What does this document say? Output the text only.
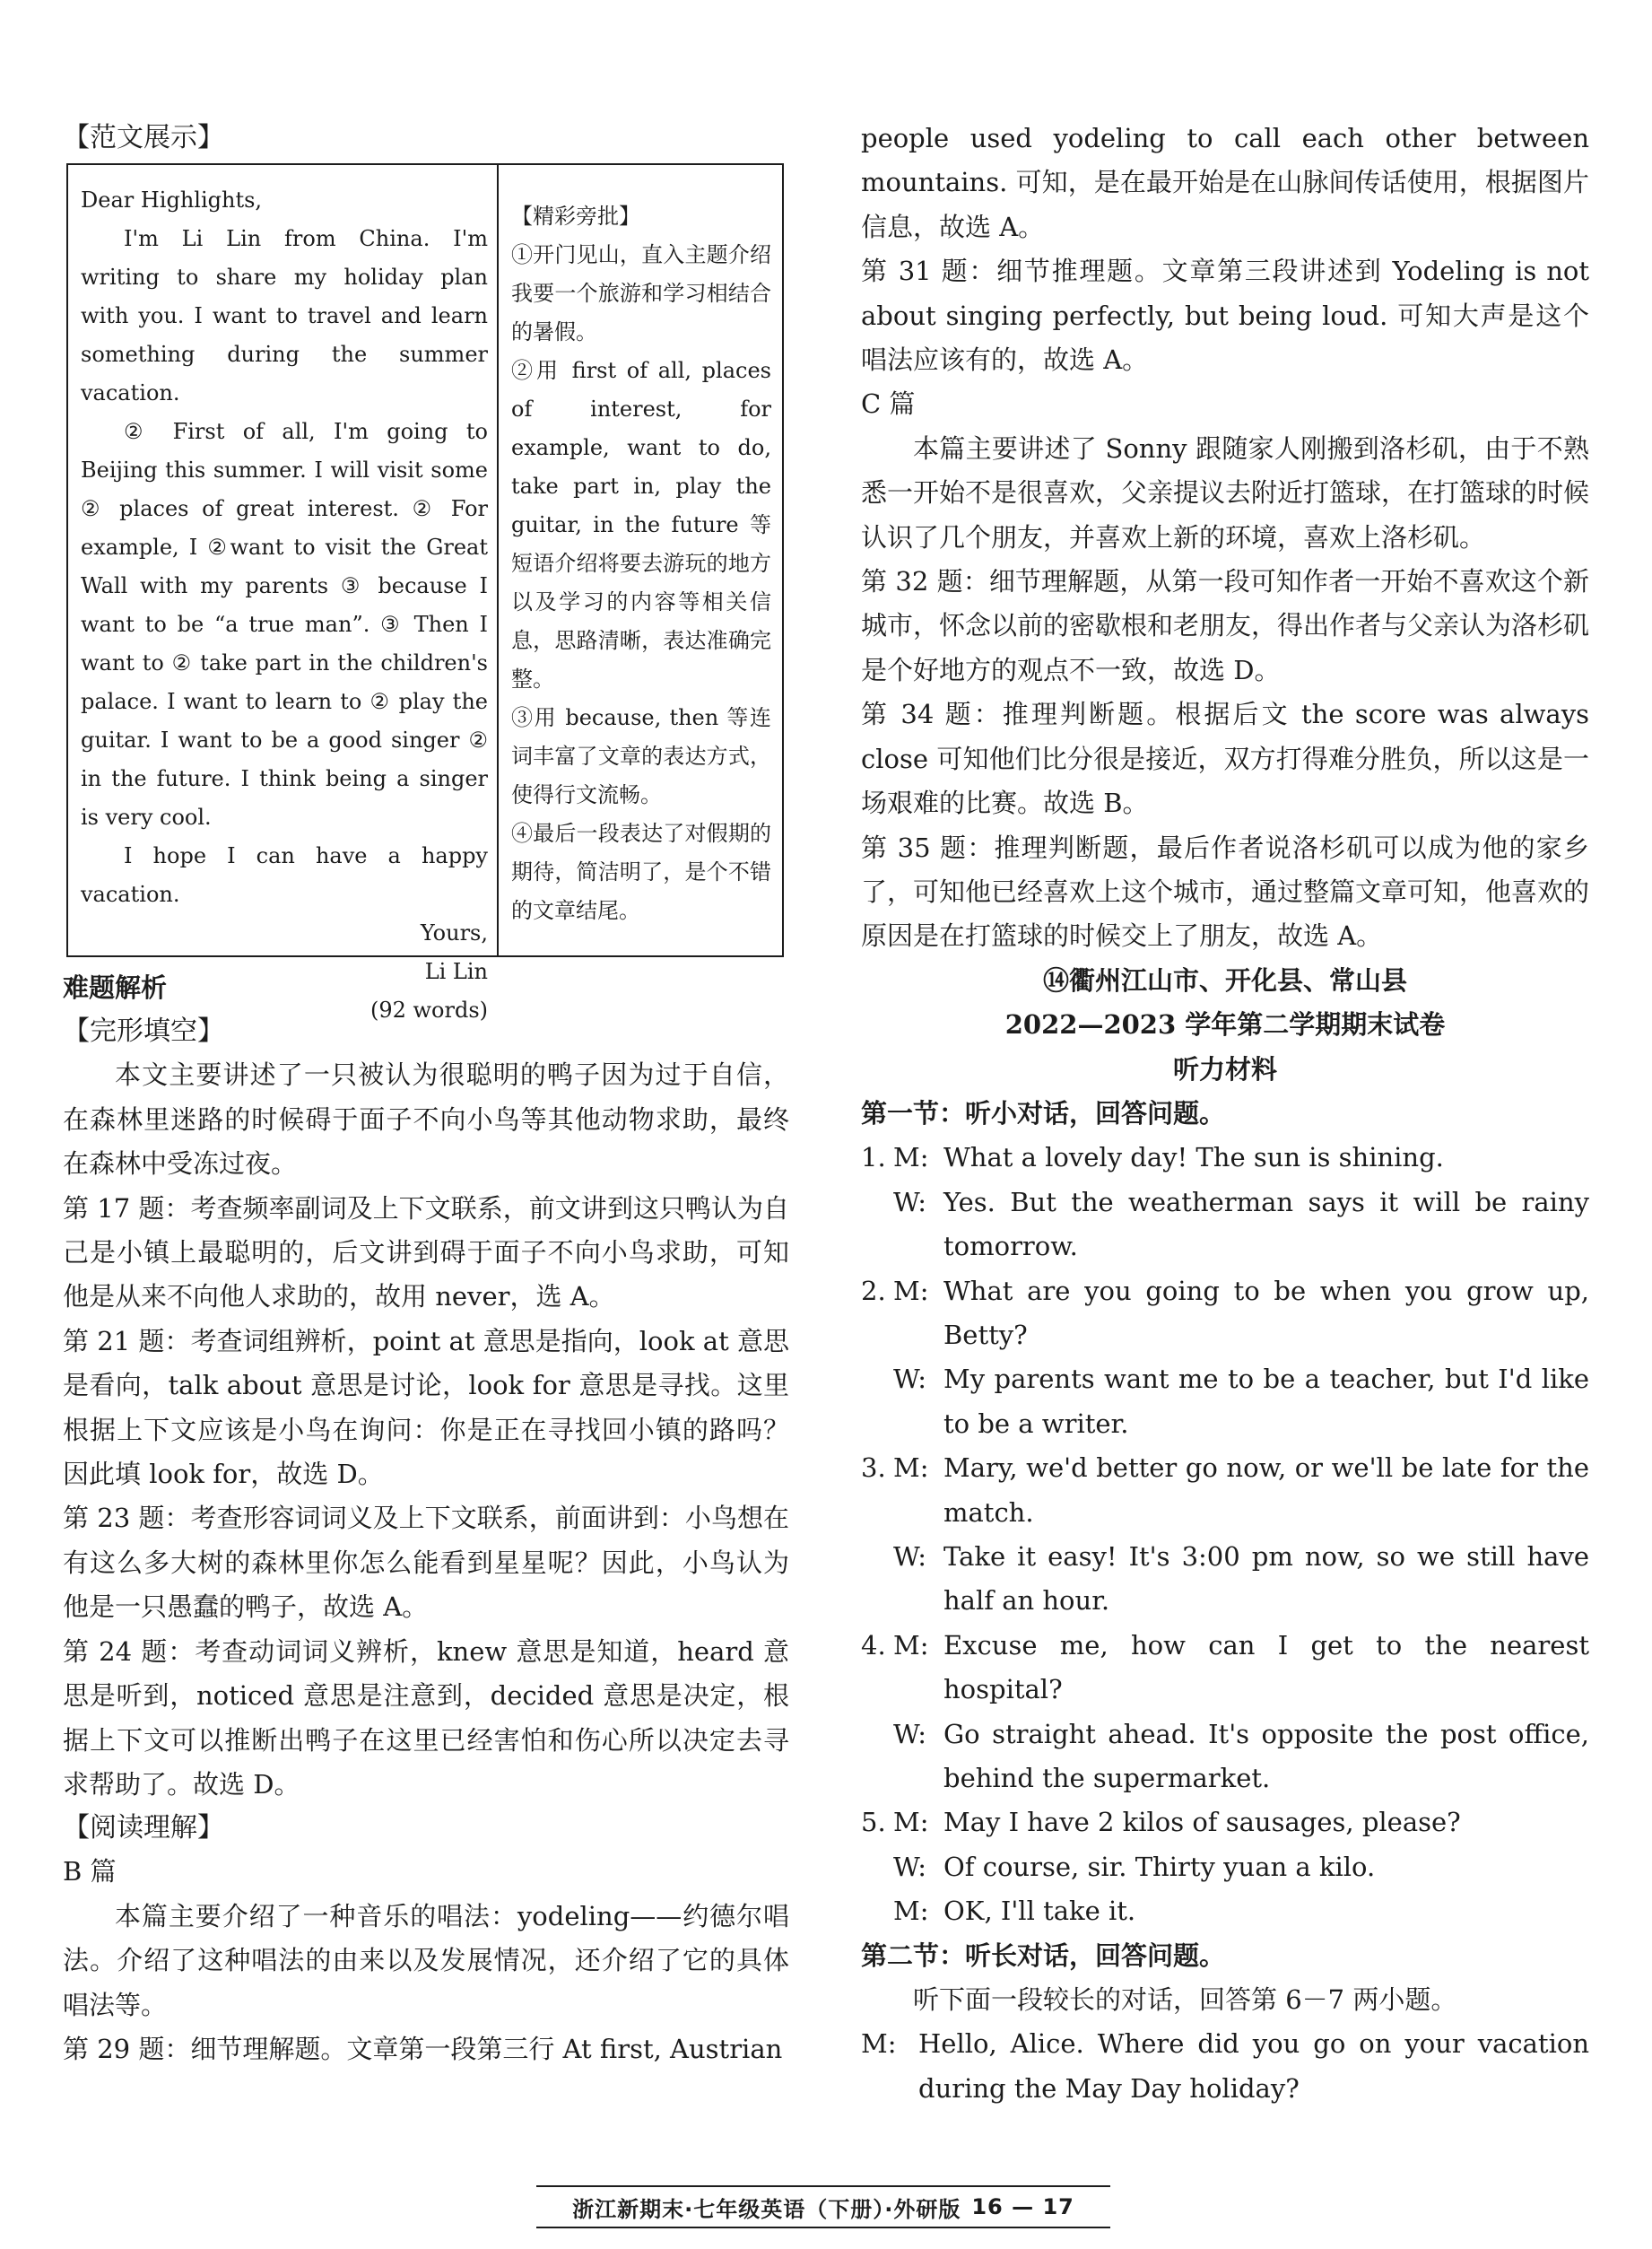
【范文展示】

Dear Highlights,

I'm Li Lin from China. I'm writing to share my holiday plan with you. I want to travel and learn something during the summer vacation.

② First of all, I'm going to Beijing this summer. I will visit some ② places of great interest. ② For example, I ②want to visit the Great Wall with my parents ③ because I want to be “a true man”. ③ Then I want to ② take part in the children's palace. I want to learn to ② play the guitar. I want to be a good singer ② in the future. I think being a singer is very cool.

I hope I can have a happy vacation.

Yours,

Li Lin

(92 words)

【精彩旁批】

①开门见山，直入主题介绍我要一个旅游和学习相结合的暑假。

②用 first of all, places of interest, for example, want to do, take part in, play the guitar, in the future 等短语介绍将要去游玩的地方以及学习的内容等相关信息，思路清晰，表达准确完整。

③用 because, then 等连词丰富了文章的表达方式，使得行文流畅。

④最后一段表达了对假期的期待，简洁明了，是个不错的文章结尾。

难题解析

【完形填空】

本文主要讲述了一只被认为很聪明的鸭子因为过于自信，在森林里迷路的时候碍于面子不向小鸟等其他动物求助，最终在森林中受冻过夜。

第 17 题：考查频率副词及上下文联系，前文讲到这只鸭认为自己是小镇上最聪明的，后文讲到碍于面子不向小鸟求助，可知他是从来不向他人求助的，故用 never，选 A。

第 21 题：考查词组辨析，point at 意思是指向，look at 意思是看向，talk about 意思是讨论，look for 意思是寻找。这里根据上下文应该是小鸟在询问：你是正在寻找回小镇的路吗？因此填 look for，故选 D。

第 23 题：考查形容词词义及上下文联系，前面讲到：小鸟想在有这么多大树的森林里你怎么能看到星星呢？因此，小鸟认为他是一只愚蠢的鸭子，故选 A。

第 24 题：考查动词词义辨析，knew 意思是知道，heard 意思是听到，noticed 意思是注意到，decided 意思是决定，根据上下文可以推断出鸭子在这里已经害怕和伤心所以决定去寻求帮助了。故选 D。

【阅读理解】

B 篇

本篇主要介绍了一种音乐的唱法：yodeling——约德尔唱法。介绍了这种唱法的由来以及发展情况，还介绍了它的具体唱法等。

第 29 题：细节理解题。文章第一段第三行 At first, Austrian

people used yodeling to call each other between mountains. 可知，是在最开始是在山脉间传话使用，根据图片信息，故选 A。

第 31 题：细节推理题。文章第三段讲述到 Yodeling is not about singing perfectly, but being loud. 可知大声是这个唱法应该有的，故选 A。

C 篇

本篇主要讲述了 Sonny 跟随家人刚搬到洛杉矶，由于不熟悉一开始不是很喜欢，父亲提议去附近打篮球，在打篮球的时候认识了几个朋友，并喜欢上新的环境，喜欢上洛杉矶。

第 32 题：细节理解题，从第一段可知作者一开始不喜欢这个新城市，怀念以前的密歇根和老朋友，得出作者与父亲认为洛杉矶是个好地方的观点不一致，故选 D。

第 34 题：推理判断题。根据后文 the score was always close 可知他们比分很是接近，双方打得难分胜负，所以这是一场艰难的比赛。故选 B。

第 35 题：推理判断题，最后作者说洛杉矶可以成为他的家乡了，可知他已经喜欢上这个城市，通过整篇文章可知，他喜欢的原因是在打篮球的时候交上了朋友，故选 A。

⑭衢州江山市、开化县、常山县

2022—2023 学年第二学期期末试卷

听力材料

第一节：听小对话，回答问题。

1. M: What a lovely day! The sun is shining.
W: Yes. But the weatherman says it will be rainy tomorrow.
2. M: What are you going to be when you grow up, Betty?
W: My parents want me to be a teacher, but I'd like to be a writer.
3. M: Mary, we'd better go now, or we'll be late for the match.
W: Take it easy! It's 3:00 pm now, so we still have half an hour.
4. M: Excuse me, how can I get to the nearest hospital?
W: Go straight ahead. It's opposite the post office, behind the supermarket.
5. M: May I have 2 kilos of sausages, please?
W: Of course, sir. Thirty yuan a kilo.
M: OK, I'll take it.

第二节：听长对话，回答问题。

听下面一段较长的对话，回答第 6－7 两小题。

M: Hello, Alice. Where did you go on your vacation during the May Day holiday?
浙江新期末·七年级英语（下册）·外研版 16 — 17
